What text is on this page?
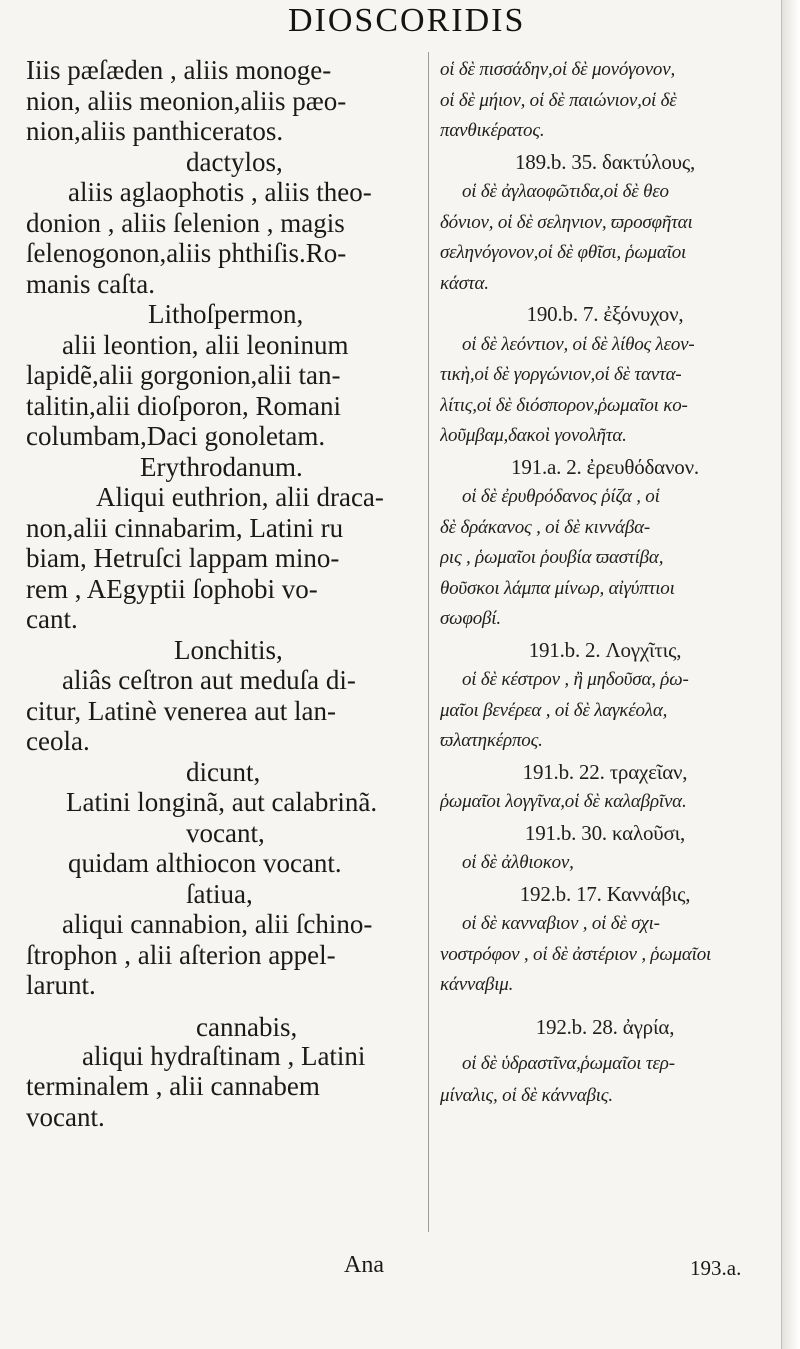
DIOSCORIDIS
Iiis pæſæden , aliis monoge-
nion, aliis meonion,aliis pæo-
nion,aliis panthiceratos.
dactylos,
aliis aglaophotis , aliis theo-
donion , aliis ſelenion , magis
ſelenogonon,aliis phthiſis.Ro-
manis caſta.
Lithoſpermon,
alii leontion, alii leoninum
lapidẽ,alii gorgonion,alii tan-
talitin,alii dioſporon, Romani
columbam,Daci gonoletam.
Erythrodanum.
Aliqui euthrion, alii draca-
non,alii cinnabarim, Latini ru
biam, Hetruſci lappam mino-
rem , AEgyptii ſophobi vo-
cant.
Lonchitis,
aliâs ceſtron aut meduſa di-
citur, Latinè venerea aut lan-
ceola.
dicunt,
Latini longinã, aut calabrinã.
vocant,
quidam althiocon vocant.
ſatiua,
aliqui cannabion, alii ſchino-
ſtrophon , alii aſterion appel-
larunt.
cannabis,
aliqui hydraſtinam , Latini
terminalem , alii cannabem
vocant.
οἱ δὲ πισσάδην,οἱ δὲ μονόγονον,
οἱ δὲ μήιον, οἱ δὲ παιώνιον,οἱ δὲ
πανθικέρατος.
189.b. 35. δακτύλους,
οἱ δὲ ἀγλαοφῶτιδα,οἱ δὲ θεο
δόνιον, οἱ δὲ σεληνιον, ϖροσφῆται
σεληνόγονον,οἱ δὲ φθῖσι, ῥωμαῖοι
κάστα.
190.b. 7. ἐξόνυχον,
οἱ δὲ λεόντιον, οἱ δὲ λίθος λεον-
τικὴ,οἱ δὲ γοργώνιον,οἱ δὲ ταντα-
λίτις,οἱ δὲ διόσπορον,ῥωμαῖοι κο-
λοῦμβαμ,δακοὶ γονολῆτα.
191.a. 2. ἐρευθόδανον.
οἱ δὲ ἐρυθρόδανος ῥίζα , οἱ
δὲ δράκανος , οἱ δὲ κιννάβα-
ρις , ῥωμαῖοι ῥουβία ϖαστίβα,
θοῦσκοι λάμπα μίνωρ, αἰγύπτιοι
σωφοβί.
191.b. 2. Λογχῖτις,
οἱ δὲ κέστρον , ἢ μηδοῦσα, ῥω-
μαῖοι βενέρεα , οἱ δὲ λαγκέολα,
ϖλατηκέρπος.
191.b. 22. τραχεῖαν,
ῥωμαῖοι λογγῖνα,οἱ δὲ καλαβρῖνα.
191.b. 30. καλοῦσι,
οἱ δὲ ἀλθιοκον,
192.b. 17. Καννάβις,
οἱ δὲ κανναβιον , οἱ δὲ σχι-
νοστρόφον , οἱ δὲ ἀστέριον , ῥωμαῖοι
κάνναβιμ.
192.b. 28. ἀγρία,
οἱ δὲ ὑδραστῖνα,ῥωμαῖοι τερ-
μίναλις, οἱ δὲ κάνναβις.
Ana	193.a.
